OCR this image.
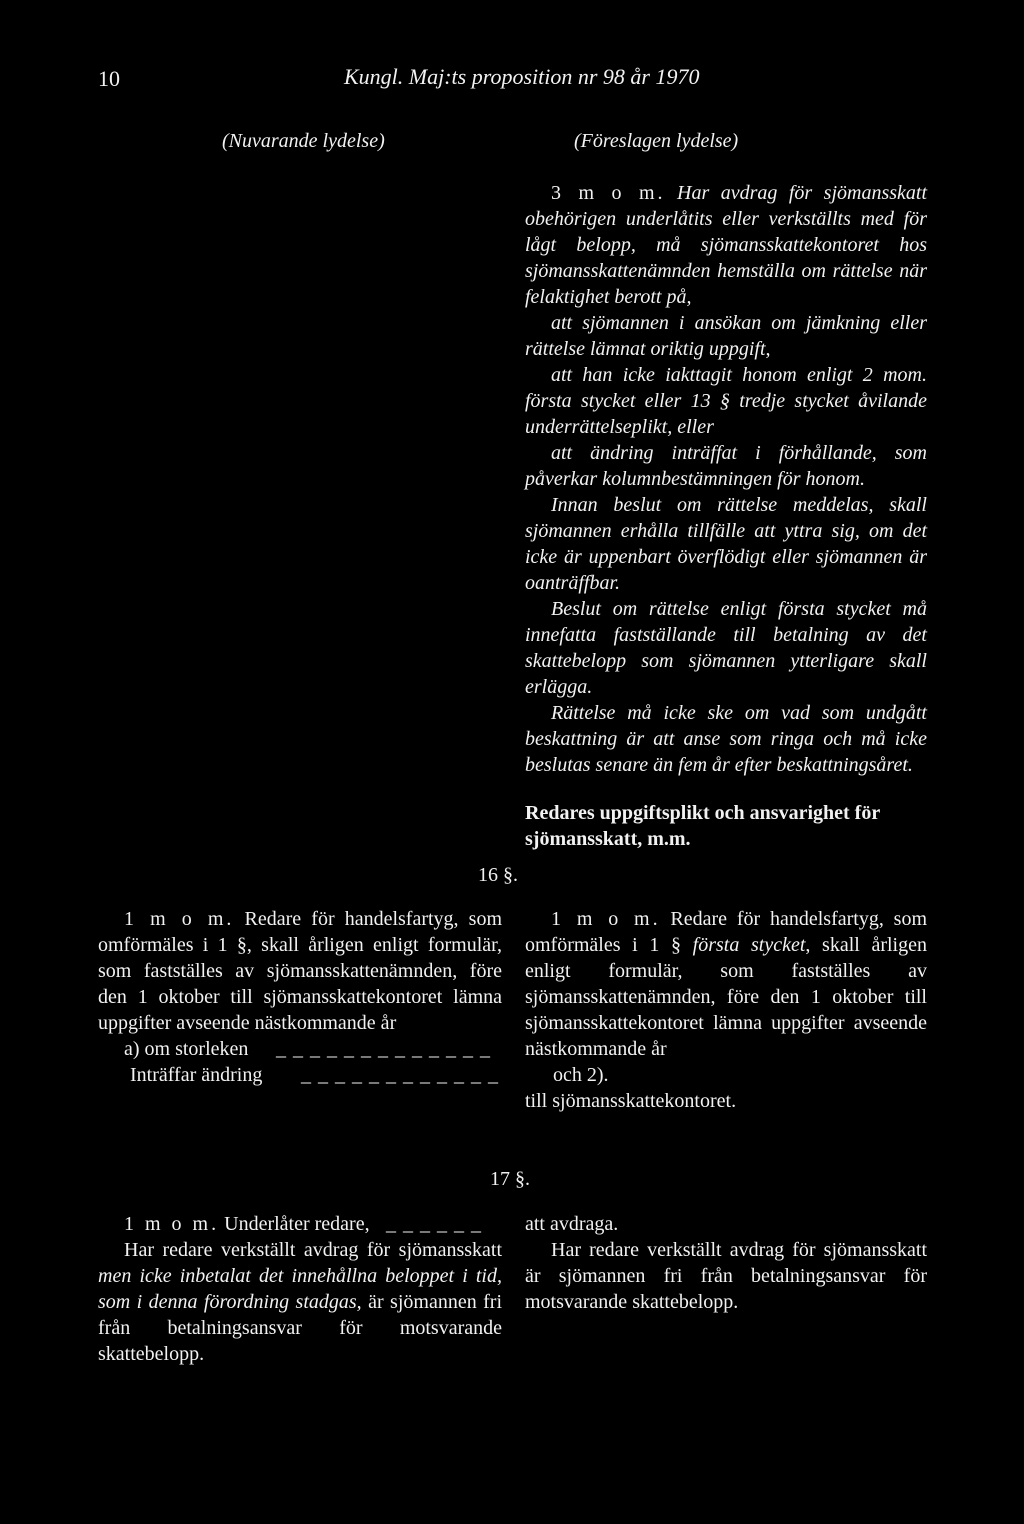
10	Kungl. Maj:ts proposition nr 98 år 1970
(Nuvarande lydelse)	(Föreslagen lydelse)

3 m o m. Har avdrag för sjömansskatt obehörigen underlåtits eller verkställts med för lågt belopp, må sjömansskattekontoret hos sjömansskattenämnden hemställa om rättelse när felaktighet berott på,

att sjömannen i ansökan om jämkning eller rättelse lämnat oriktig uppgift,

att han icke iakttagit honom enligt 2 mom. första stycket eller 13 § tredje stycket åvilande underrättelseplikt, eller

att ändring inträffat i förhållande, som påverkar kolumnbestämningen för honom.

Innan beslut om rättelse meddelas, skall sjömannen erhålla tillfälle att yttra sig, om det icke är uppenbart överflödigt eller sjömannen är oanträffbar.

Beslut om rättelse enligt första stycket må innefatta fastställande till betalning av det skattebelopp som sjömannen ytterligare skall erlägga.

Rättelse må icke ske om vad som undgått beskattning är att anse som ringa och må icke beslutas senare än fem år efter beskattningsåret.

Redares uppgiftsplikt och ansvarighet för sjömansskatt, m.m.
16 §.

1 m o m. Redare för handelsfartyg, som omförmäles i 1 §, skall årligen enligt formulär, som fastställes av sjömansskattenämnden, före den 1 oktober till sjömansskattekontoret lämna uppgifter avseende nästkommande år

a) om storleken _ _ _ _ _ _ _ _ _ _ _ _ _
Inträffar ändring _ _ _ _ _ _ _ _ _ _ _ _

1 m o m. Redare för handelsfartyg, som omförmäles i 1 § första stycket, skall årligen enligt formulär, som fastställes av sjömansskattenämnden, före den 1 oktober till sjömansskattekontoret lämna uppgifter avseende nästkommande år

och 2).
till sjömansskattekontoret.
17 §.
1 m o m. Underlåter redare, _ _ _ _ _ _

Har redare verkställt avdrag för sjömansskatt men icke inbetalat det innehållna beloppet i tid, som i denna förordning stadgas, är sjömannen fri från betalningsansvar för motsvarande skattebelopp.

att avdraga.

Har redare verkställt avdrag för sjömansskatt är sjömannen fri från betalningsansvar för motsvarande skattebelopp.
